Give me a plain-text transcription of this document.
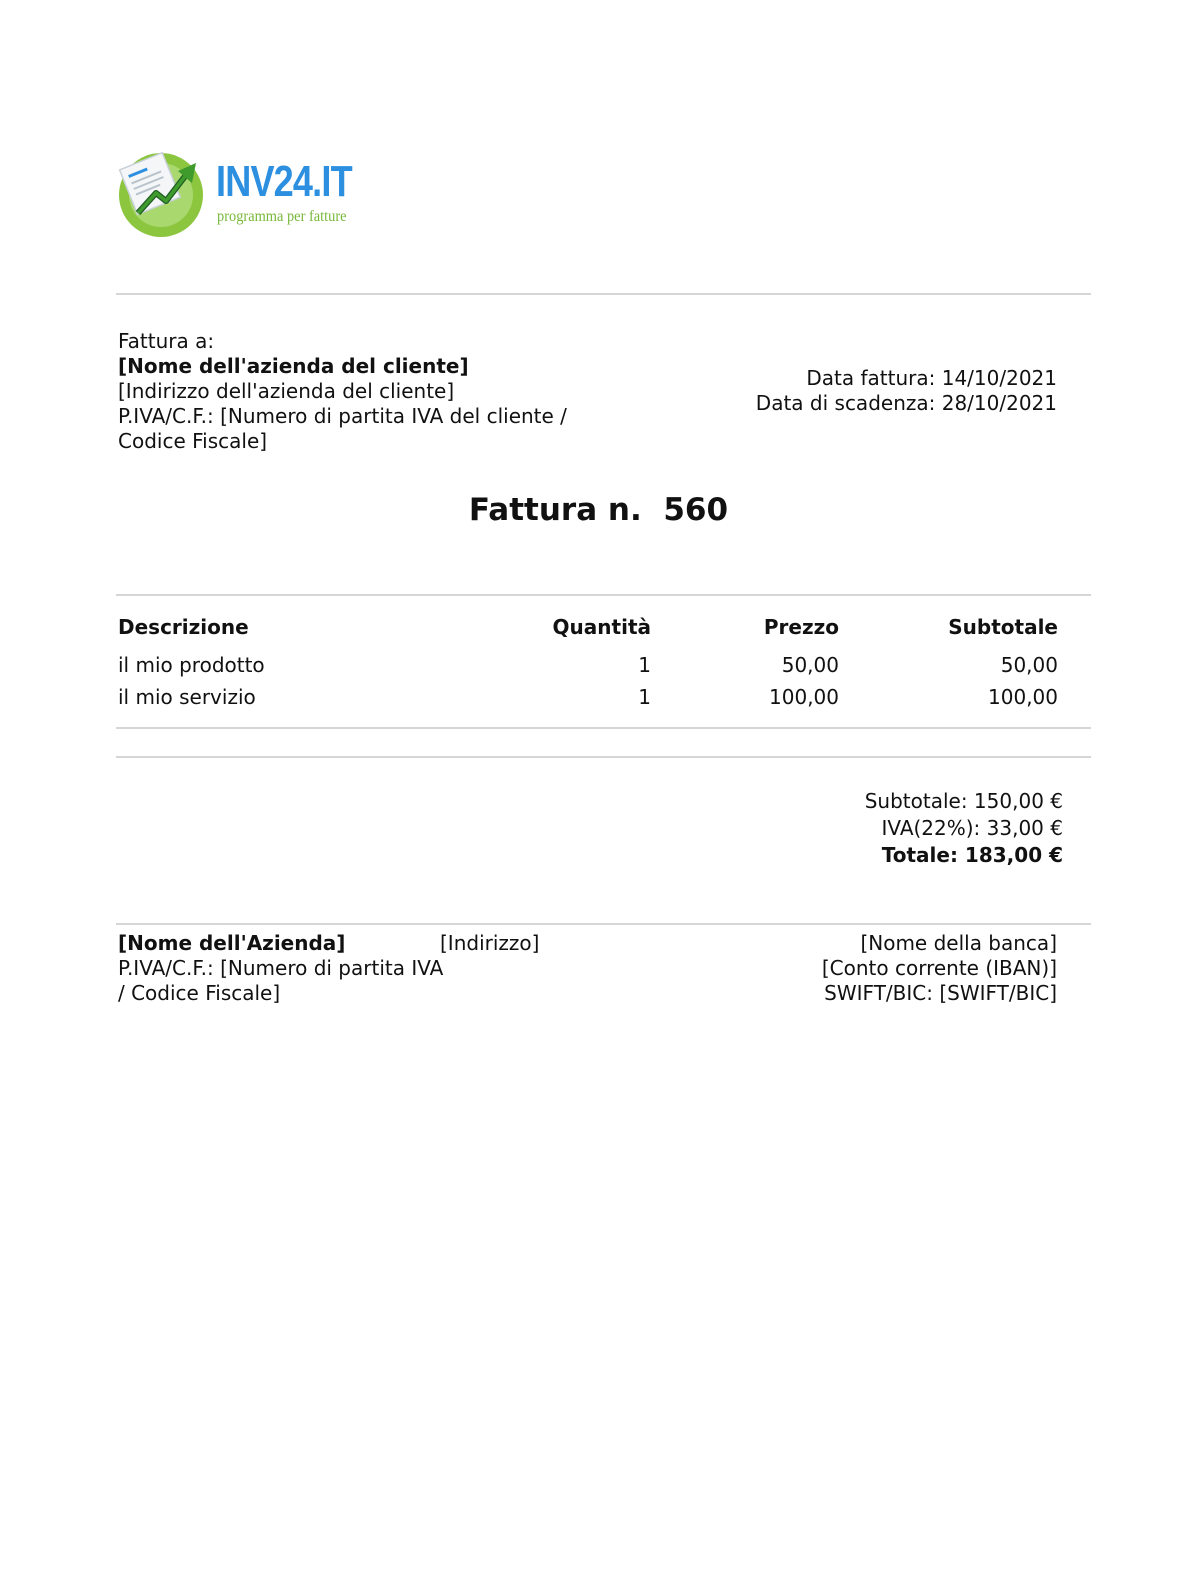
INV24.IT
programma per fatture
Fattura a:
[Nome dell'azienda del cliente]
[Indirizzo dell'azienda del cliente]
P.IVA/C.F.: [Numero di partita IVA del cliente /
Codice Fiscale]
Data fattura: 14/10/2021
Data di scadenza: 28/10/2021
Fattura n. 560
Descrizione	Quantità	Prezzo	Subtotale
il mio prodotto	1	50,00	50,00
il mio servizio	1	100,00	100,00
Subtotale: 150,00 €
IVA(22%): 33,00 €
Totale: 183,00 €
[Nome dell'Azienda]
P.IVA/C.F.: [Numero di partita IVA
/ Codice Fiscale]
[Indirizzo]	[Nome della banca]
[Conto corrente (IBAN)]
SWIFT/BIC: [SWIFT/BIC]
